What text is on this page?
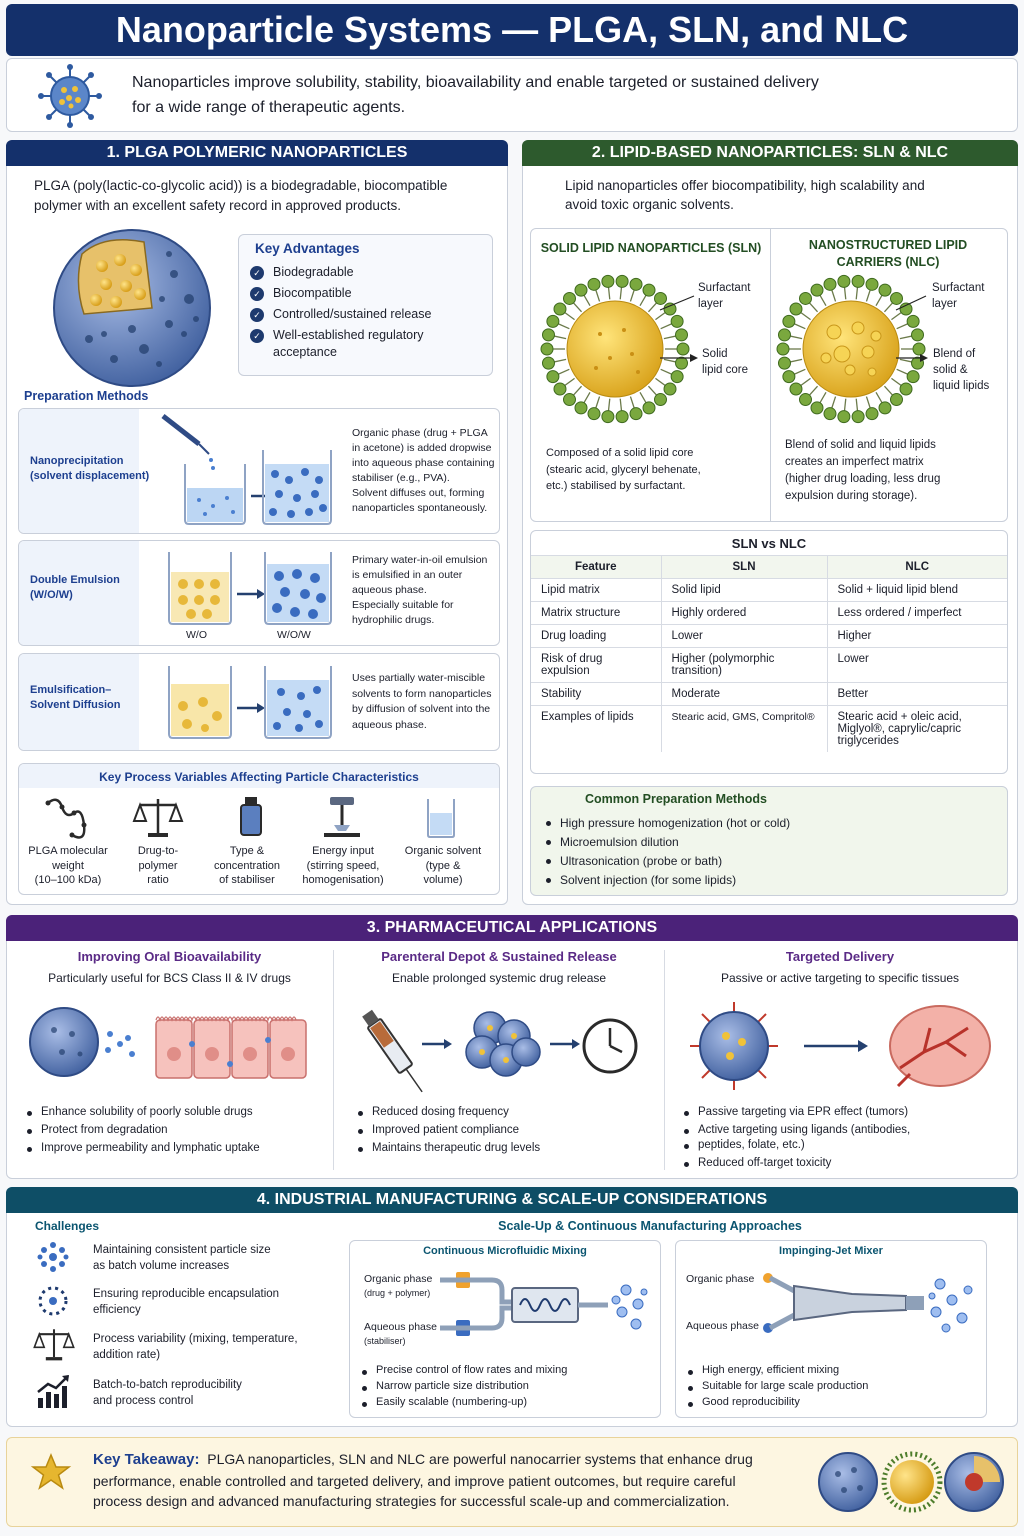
Nanoparticle Systems — PLGA, SLN, and NLC
Nanoparticles improve solubility, stability, bioavailability and enable targeted or sustained delivery
for a wide range of therapeutic agents.
1. PLGA POLYMERIC NANOPARTICLES
PLGA (poly(lactic-co-glycolic acid)) is a biodegradable, biocompatible
polymer with an excellent safety record in approved products.
Key Advantages
✓ Biodegradable
✓ Biocompatible
✓ Controlled/sustained release
✓ Well-established regulatory
acceptance
Preparation Methods
Nanoprecipitation
(solvent displacement)
Organic phase (drug + PLGA
in acetone) is added dropwise
into aqueous phase containing
stabiliser (e.g., PVA).
Solvent diffuses out, forming
nanoparticles spontaneously.
Double Emulsion
(W/O/W)
W/O	W/O/W
Primary water-in-oil emulsion
is emulsified in an outer
aqueous phase.
Especially suitable for
hydrophilic drugs.
Emulsification–
Solvent Diffusion
Uses partially water-miscible
solvents to form nanoparticles
by diffusion of solvent into the
aqueous phase.
Key Process Variables Affecting Particle Characteristics
PLGA molecular
weight
(10–100 kDa)
Drug-to-
polymer
ratio
Type &
concentration
of stabiliser
Energy input
(stirring speed,
homogenisation)
Organic solvent
(type &
volume)
2. LIPID-BASED NANOPARTICLES: SLN & NLC
Lipid nanoparticles offer biocompatibility, high scalability and
avoid toxic organic solvents.
SOLID LIPID NANOPARTICLES (SLN)	NANOSTRUCTURED LIPID
CARRIERS (NLC)
Surfactant
layer
Solid
lipid core
Surfactant
layer
Blend of
solid &
liquid lipids
Composed of a solid lipid core
(stearic acid, glyceryl behenate,
etc.) stabilised by surfactant.
Blend of solid and liquid lipids
creates an imperfect matrix
(higher drug loading, less drug
expulsion during storage).
SLN vs NLC
Feature	SLN	NLC
Lipid matrix	Solid lipid	Solid + liquid lipid blend
Matrix structure	Highly ordered	Less ordered / imperfect
Drug loading	Lower	Higher
Risk of drug expulsion	Higher (polymorphic transition)	Lower
Stability	Moderate	Better
Examples of lipids	Stearic acid, GMS, Compritol®	Stearic acid + oleic acid, Miglyol®, caprylic/capric triglycerides
Common Preparation Methods
High pressure homogenization (hot or cold)
Microemulsion dilution
Ultrasonication (probe or bath)
Solvent injection (for some lipids)
3. PHARMACEUTICAL APPLICATIONS
Improving Oral Bioavailability
Particularly useful for BCS Class II & IV drugs
Parenteral Depot & Sustained Release
Enable prolonged systemic drug release
Targeted Delivery
Passive or active targeting to specific tissues
Enhance solubility of poorly soluble drugs
Protect from degradation
Improve permeability and lymphatic uptake
Reduced dosing frequency
Improved patient compliance
Maintains therapeutic drug levels
Passive targeting via EPR effect (tumors)
Active targeting using ligands (antibodies,
peptides, folate, etc.)
Reduced off-target toxicity
4. INDUSTRIAL MANUFACTURING & SCALE-UP CONSIDERATIONS
Challenges
Maintaining consistent particle size
as batch volume increases
Ensuring reproducible encapsulation
efficiency
Process variability (mixing, temperature,
addition rate)
Batch-to-batch reproducibility
and process control
Scale-Up & Continuous Manufacturing Approaches
Continuous Microfluidic Mixing
Organic phase
(drug + polymer)
Aqueous phase
(stabiliser)
Precise control of flow rates and mixing
Narrow particle size distribution
Easily scalable (numbering-up)
Impinging-Jet Mixer
Organic phase
Aqueous phase
High energy, efficient mixing
Suitable for large scale production
Good reproducibility
Key Takeaway: PLGA nanoparticles, SLN and NLC are powerful nanocarrier systems that enhance drug
performance, enable controlled and targeted delivery, and improve patient outcomes, but require careful
process design and advanced manufacturing strategies for successful scale-up and commercialization.
